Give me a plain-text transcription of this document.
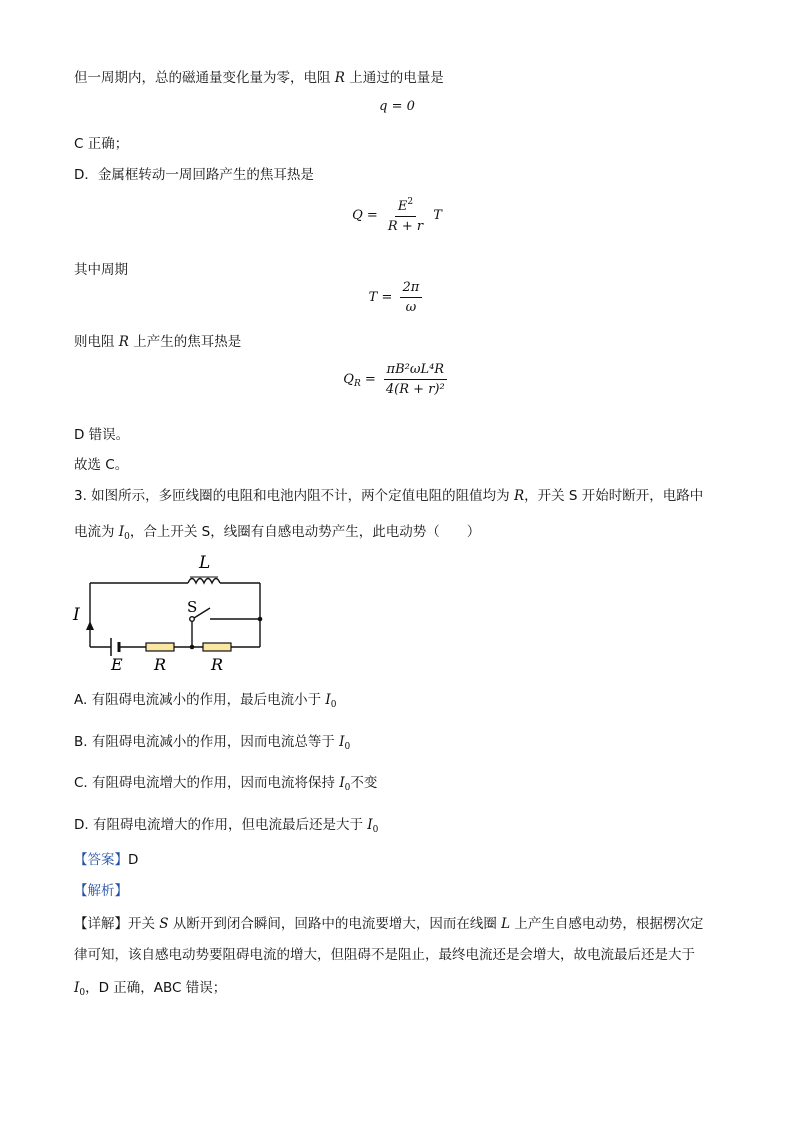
但一周期内，总的磁通量变化量为零，电阻 R 上通过的电量是
q = 0
C 正确；
D．金属框转动一周回路产生的焦耳热是
$Q = \frac{E^2}{R + r}$ T
其中周期
$T = \frac{2\pi}{\omega}$
则电阻 R 上产生的焦耳热是
$Q_R = \frac{\text{πB²ωL⁴R}}{\text{4(R + r)²}}$
D 错误。
故选 C。
3. 如图所示，多匝线圈的电阻和电池内阻不计，两个定值电阻的阻值均为 R，开关 S 开始时断开，电路中
电流为 $I_0$，合上开关 S，线圈有自感电动势产生，此电动势（　　）
L
S
I
E R	R
A. 有阻碍电流减小的作用，最后电流小于 $I_0$
B. 有阻碍电流减小的作用，因而电流总等于 $I_0$
C. 有阻碍电流增大的作用，因而电流将保持 $I_0$不变
D. 有阻碍电流增大的作用，但电流最后还是大于 $I_0$
【答案】D
【解析】
【详解】开关 S 从断开到闭合瞬间，回路中的电流要增大，因而在线圈 L 上产生自感电动势，根据楞次定
律可知，该自感电动势要阻碍电流的增大，但阻碍不是阻止，最终电流还是会增大，故电流最后还是大于
$I_0$，D 正确，ABC 错误；
